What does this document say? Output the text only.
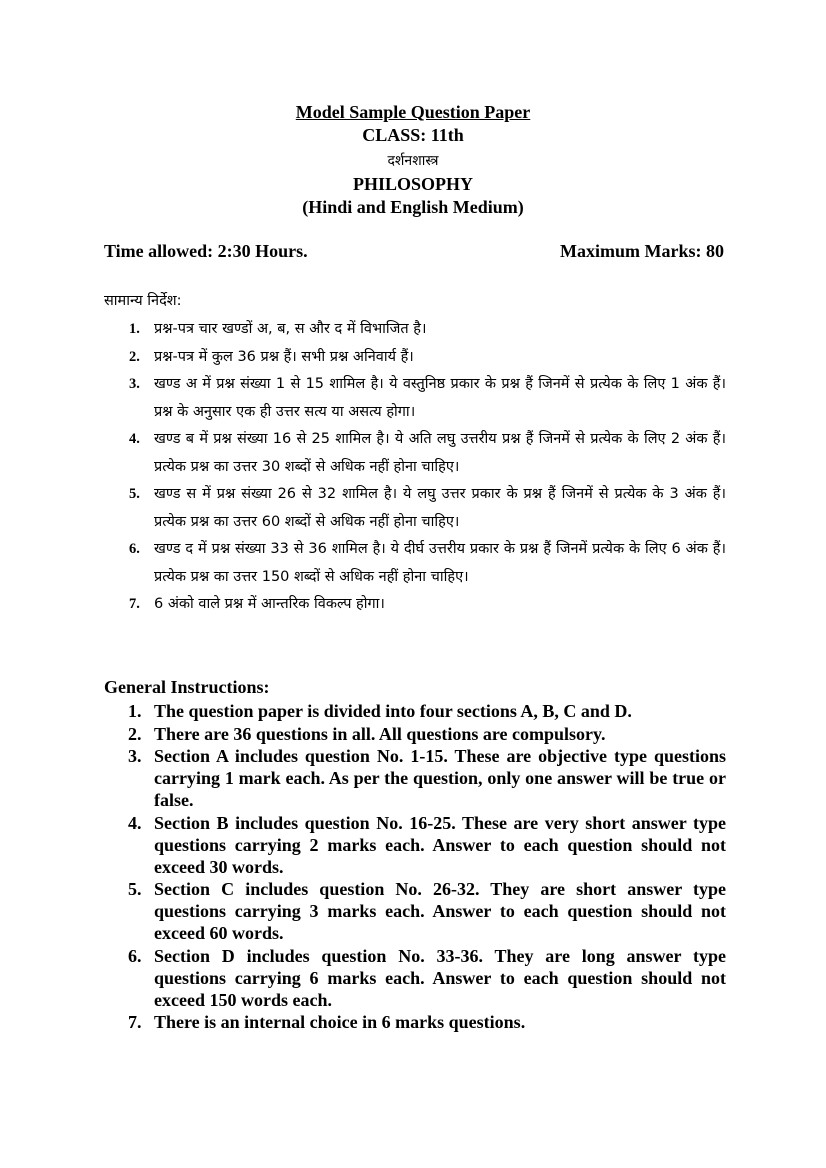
Model Sample Question Paper
CLASS: 11th
दर्शनशास्त्र
PHILOSOPHY
(Hindi and English Medium)
Time allowed: 2:30 Hours.	Maximum Marks: 80
सामान्य निर्देश:
1. प्रश्न-पत्र चार खण्डों अ, ब, स और द में विभाजित है।
2. प्रश्न-पत्र में कुल 36 प्रश्न हैं। सभी प्रश्न अनिवार्य हैं।
3. खण्ड अ में प्रश्न संख्या 1 से 15 शामिल है। ये वस्तुनिष्ठ प्रकार के प्रश्न हैं जिनमें से प्रत्येक के लिए 1 अंक हैं। प्रश्न के अनुसार एक ही उत्तर सत्य या असत्य होगा।
4. खण्ड ब में प्रश्न संख्या 16 से 25 शामिल है। ये अति लघु उत्तरीय प्रश्न हैं जिनमें से प्रत्येक के लिए 2 अंक हैं। प्रत्येक प्रश्न का उत्तर 30 शब्दों से अधिक नहीं होना चाहिए।
5. खण्ड स में प्रश्न संख्या 26 से 32 शामिल है। ये लघु उत्तर प्रकार के प्रश्न हैं जिनमें से प्रत्येक के 3 अंक हैं। प्रत्येक प्रश्न का उत्तर 60 शब्दों से अधिक नहीं होना चाहिए।
6. खण्ड द में प्रश्न संख्या 33 से 36 शामिल है। ये दीर्घ उत्तरीय प्रकार के प्रश्न हैं जिनमें प्रत्येक के लिए 6 अंक हैं। प्रत्येक प्रश्न का उत्तर 150 शब्दों से अधिक नहीं होना चाहिए।
7. 6 अंको वाले प्रश्न में आन्तरिक विकल्प होगा।
General Instructions:
1. The question paper is divided into four sections A, B, C and D.
2. There are 36 questions in all. All questions are compulsory.
3. Section A includes question No. 1-15. These are objective type questions carrying 1 mark each. As per the question, only one answer will be true or false.
4. Section B includes question No. 16-25. These are very short answer type questions carrying 2 marks each. Answer to each question should not exceed 30 words.
5. Section C includes question No. 26-32. They are short answer type questions carrying 3 marks each. Answer to each question should not exceed 60 words.
6. Section D includes question No. 33-36. They are long answer type questions carrying 6 marks each. Answer to each question should not exceed 150 words each.
7. There is an internal choice in 6 marks questions.
